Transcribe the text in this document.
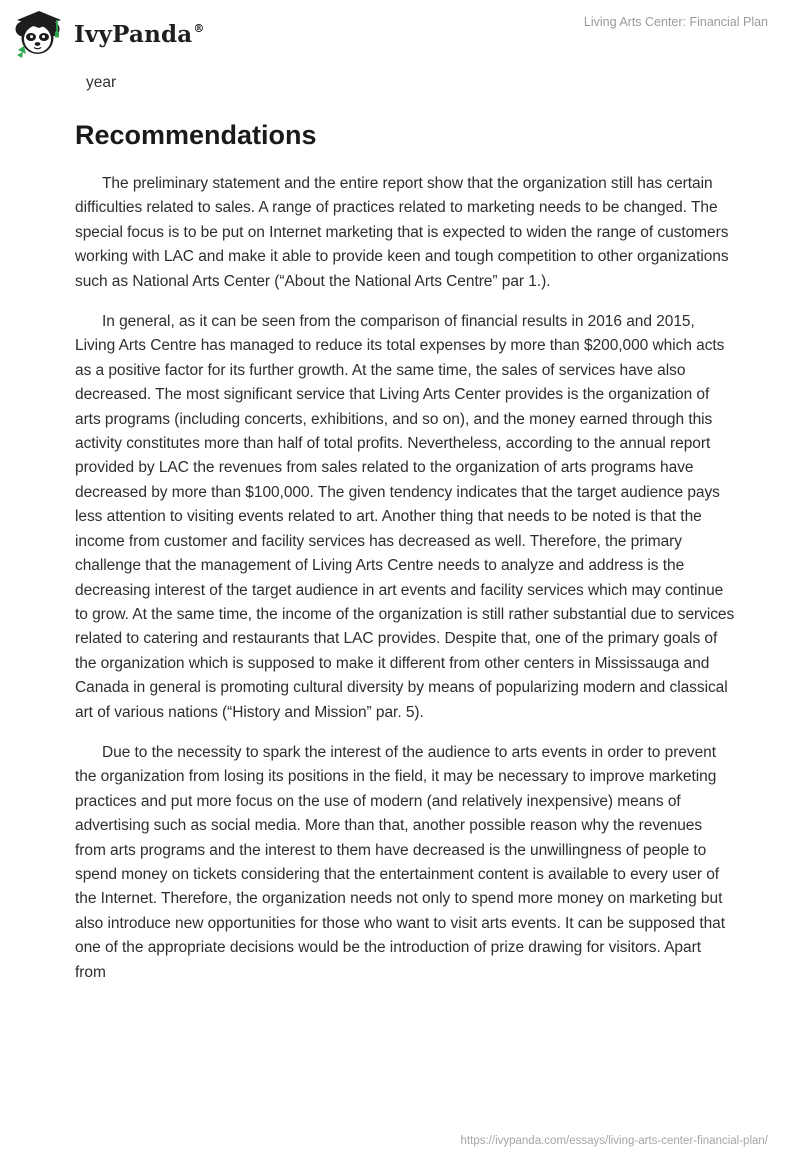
IvyPanda®	Living Arts Center: Financial Plan

year

Recommendations

The preliminary statement and the entire report show that the organization still has certain difficulties related to sales. A range of practices related to marketing needs to be changed. The special focus is to be put on Internet marketing that is expected to widen the range of customers working with LAC and make it able to provide keen and tough competition to other organizations such as National Arts Center (“About the National Arts Centre” par 1.).

In general, as it can be seen from the comparison of financial results in 2016 and 2015, Living Arts Centre has managed to reduce its total expenses by more than $200,000 which acts as a positive factor for its further growth. At the same time, the sales of services have also decreased. The most significant service that Living Arts Center provides is the organization of arts programs (including concerts, exhibitions, and so on), and the money earned through this activity constitutes more than half of total profits. Nevertheless, according to the annual report provided by LAC the revenues from sales related to the organization of arts programs have decreased by more than $100,000. The given tendency indicates that the target audience pays less attention to visiting events related to art. Another thing that needs to be noted is that the income from customer and facility services has decreased as well. Therefore, the primary challenge that the management of Living Arts Centre needs to analyze and address is the decreasing interest of the target audience in art events and facility services which may continue to grow. At the same time, the income of the organization is still rather substantial due to services related to catering and restaurants that LAC provides. Despite that, one of the primary goals of the organization which is supposed to make it different from other centers in Mississauga and Canada in general is promoting cultural diversity by means of popularizing modern and classical art of various nations (“History and Mission” par. 5).

Due to the necessity to spark the interest of the audience to arts events in order to prevent the organization from losing its positions in the field, it may be necessary to improve marketing practices and put more focus on the use of modern (and relatively inexpensive) means of advertising such as social media. More than that, another possible reason why the revenues from arts programs and the interest to them have decreased is the unwillingness of people to spend money on tickets considering that the entertainment content is available to every user of the Internet. Therefore, the organization needs not only to spend more money on marketing but also introduce new opportunities for those who want to visit arts events. It can be supposed that one of the appropriate decisions would be the introduction of prize drawing for visitors. Apart from

https://ivypanda.com/essays/living-arts-center-financial-plan/
